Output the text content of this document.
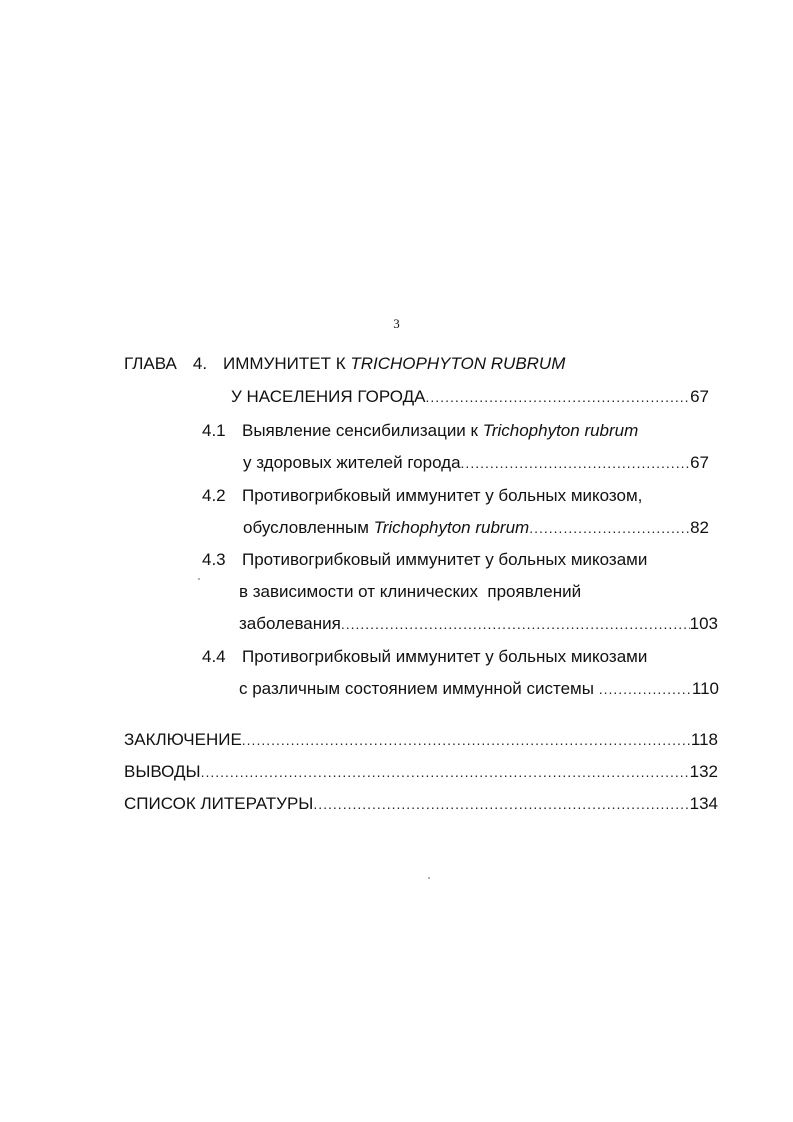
3
ГЛАВА 4. ИММУНИТЕТ К TRICHOPHYTON RUBRUM
У НАСЕЛЕНИЯ ГОРОДА .....	67
4.1 Выявление сенсибилизации к Trichophyton rubrum
у здоровых жителей города .....	67
4.2 Противогрибковый иммунитет у больных микозом,
обусловленным Trichophyton rubrum .....	82
4.3 Противогрибковый иммунитет у больных микозами
в зависимости от клинических  проявлений
заболевания .....	103
4.4 Противогрибковый иммунитет у больных микозами
с различным состоянием иммунной системы .....	110
ЗАКЛЮЧЕНИЕ .....	118
ВЫВОДЫ .....	132
СПИСОК ЛИТЕРАТУРЫ .....	134
